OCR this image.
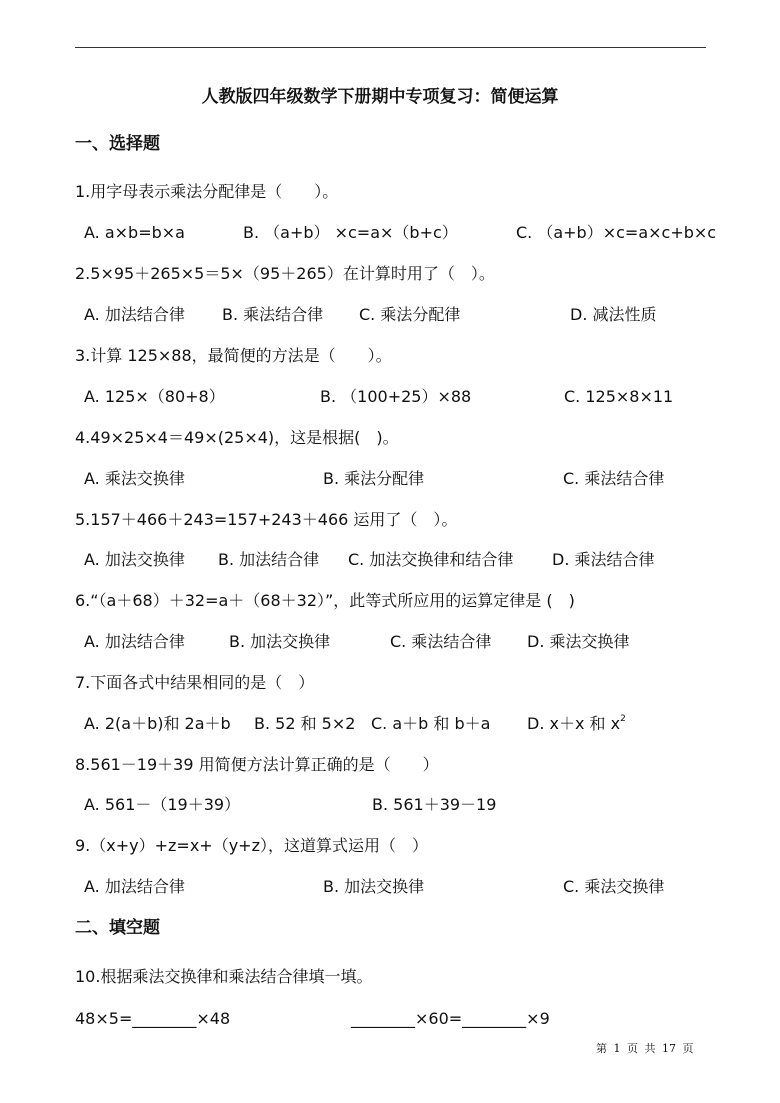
人教版四年级数学下册期中专项复习：简便运算
一、选择题
1.用字母表示乘法分配律是（　　）。
A. a×b=b×a	B. （a+b） ×c=a×（b+c）	C. （a+b）×c=a×c+b×c
2.5×95＋265×5＝5×（95＋265）在计算时用了（　）。
A. 加法结合律 B. 乘法结合律 C. 乘法分配律	D. 减法性质
3.计算 125×88，最简便的方法是（　　）。
A. 125×（80+8）	B. （100+25）×88	C. 125×8×11
4.49×25×4＝49×(25×4)，这是根据(　)。
A. 乘法交换律	B. 乘法分配律	C. 乘法结合律
5.157＋466＋243=157+243＋466 运用了（　）。
A. 加法交换律 B. 加法结合律 C. 加法交换律和结合律 D. 乘法结合律
6.“（a＋68）＋32=a＋（68＋32）”，此等式所应用的运算定律是 (　)
A. 加法结合律	B. 加法交换律	C. 乘法结合律 D. 乘法交换律
7.下面各式中结果相同的是（　）
A. 2(a＋b)和 2a＋b B. 52 和 5×2 C. a＋b 和 b＋a D. x＋x 和 $x^2$
8.561－19＋39 用简便方法计算正确的是（　　）
A. 561－（19＋39）	B. 561＋39－19
9.（x+y）+z=x+（y+z），这道算式运用（　）
A. 加法结合律	B. 加法交换律	C. 乘法交换律
二、填空题
10.根据乘法交换律和乘法结合律填一填。
48×5=________×48	________×60=________×9
第 1 页 共 17 页
